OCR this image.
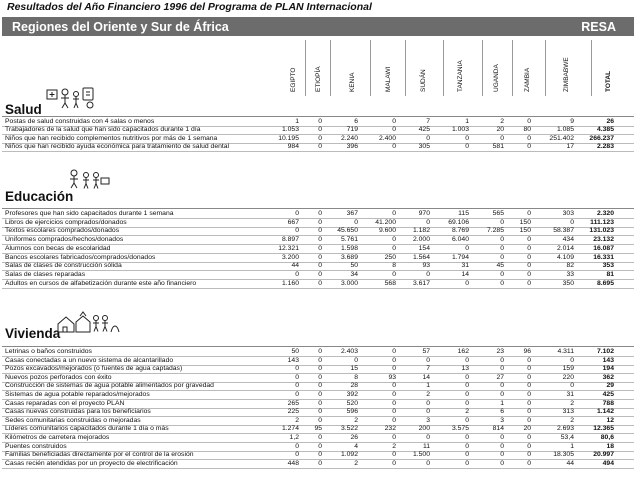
Resultados del Año Financiero 1996 del Programa de PLAN Internacional
Regiones del Oriente y Sur de África	RESA
EGIPTO	ETIOPÍA	KENIA	MALAWI	SUDÁN	TANZANIA	UGANDA	ZAMBIA	ZIMBABWE	TOTAL
Salud
Postas de salud construidas con 4 salas o menos	1	0	6	0	7	1	2	0	9	26
Trabajadores de la salud que han sido capacitados durante 1 día	1.053	0	719	0	425	1.003	20	80	1.085	4.385
Niños que han recibido complementos nutritivos por más de 1 semana	10.195	0	2.240	2.400	0	0	0	0	251.402	266.237
Niños que han recibido ayuda económica para tratamiento de salud dental	984	0	396	0	305	0	581	0	17	2.283
Educación
Profesores que han sido capacitados durante 1 semana	0	0	367	0	970	115	565	0	303	2.320
Libros de ejercicios comprados/donados	667	0	0	41.200	0	69.106	0	150	0	111.123
Textos escolares comprados/donados	0	0	45.650	9.600	1.182	8.769	7.285	150	58.387	131.023
Uniformes comprados/hechos/donados	8.897	0	5.761	0	2.000	6.040	0	0	434	23.132
Alumnos con becas de escolaridad	12.321	0	1.598	0	154	0	0	0	2.014	16.087
Bancos escolares fabricados/comprados/donados	3.200	0	3.689	250	1.564	1.794	0	0	4.109	16.331
Salas de clases de construcción sólida	44	0	50	8	93	31	45	0	82	353
Salas de clases reparadas	0	0	34	0	0	14	0	0	33	81
Adultos en cursos de alfabetización durante este año financiero	1.160	0	3.000	568	3.617	0	0	0	350	8.695
Vivienda
Letrinas o baños construidos	50	0	2.403	0	57	162	23	96	4.311	7.102
Casas conectadas a un nuevo sistema de alcantarillado	143	0	0	0	0	0	0	0	0	143
Pozos excavados/mejorados (o fuentes de agua captadas)	0	0	15	0	7	13	0	0	159	194
Nuevos pozos perforados con éxito	0	0	8	93	14	0	27	0	220	362
Construcción de sistemas de agua potable alimentados por gravedad	0	0	28	0	1	0	0	0	0	29
Sistemas de agua potable reparados/mejorados	0	0	392	0	2	0	0	0	31	425
Casas reparadas con el proyecto PLAN	265	0	520	0	0	0	1	0	2	788
Casas nuevas construidas para los beneficiarios	225	0	596	0	0	2	6	0	313	1.142
Sedes comunitarias construidas o mejoradas	2	0	2	0	3	0	3	0	2	12
Líderes comunitarios capacitados durante 1 día o más	1.274	95	3.522	232	200	3.575	814	20	2.693	12.365
Kilómetros de carretera mejorados	1,2	0	26	0	0	0	0	0	53,4	80,6
Puentes construidos	0	0	4	2	11	0	0	0	1	18
Familias beneficiadas directamente por el control de la erosión	0	0	1.092	0	1.500	0	0	0	18.305	20.997
Casas recién atendidas por un proyecto de electrificación	448	0	2	0	0	0	0	0	44	494
